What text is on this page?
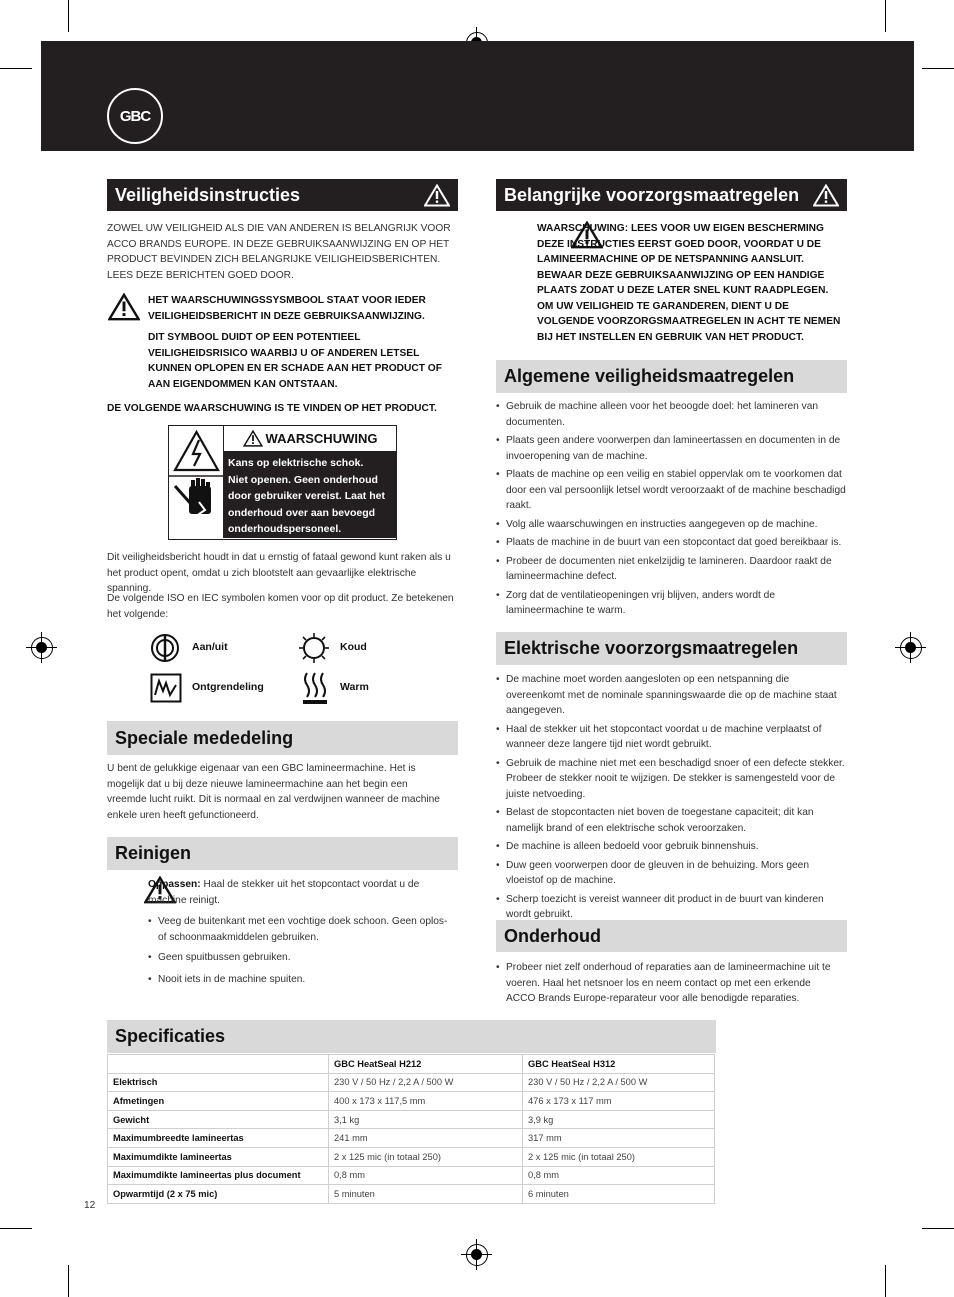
GBC
Veiligheidsinstructies
ZOWEL UW VEILIGHEID ALS DIE VAN ANDEREN IS BELANGRIJK VOOR ACCO BRANDS EUROPE. IN DEZE GEBRUIKSAANWIJZING EN OP HET PRODUCT BEVINDEN ZICH BELANGRIJKE VEILIGHEIDSBERICHTEN. LEES DEZE BERICHTEN GOED DOOR.

HET WAARSCHUWINGSSYSMBOOL STAAT VOOR IEDER VEILIGHEIDSBERICHT IN DEZE GEBRUIKSAANWIJZING.
DIT SYMBOOL DUIDT OP EEN POTENTIEEL VEILIGHEIDSRISICO WAARBIJ U OF ANDEREN LETSEL KUNNEN OPLOPEN EN ER SCHADE AAN HET PRODUCT OF AAN EIGENDOMMEN KAN ONTSTAAN.
DE VOLGENDE WAARSCHUWING IS TE VINDEN OP HET PRODUCT.
WAARSCHUWING
Kans op elektrische schok.
Niet openen. Geen onderhoud
door gebruiker vereist. Laat het
onderhoud over aan bevoegd
onderhoudspersoneel.
Dit veiligheidsbericht houdt in dat u ernstig of fataal gewond kunt raken als u het product opent, omdat u zich blootstelt aan gevaarlijke elektrische spanning.
De volgende ISO en IEC symbolen komen voor op dit product. Ze betekenen het volgende:
Aan/uit	Koud
Ontgrendeling	Warm
Speciale mededeling
U bent de gelukkige eigenaar van een GBC lamineermachine. Het is mogelijk dat u bij deze nieuwe lamineermachine aan het begin een vreemde lucht ruikt. Dit is normaal en zal verdwijnen wanneer de machine enkele uren heeft gefunctioneerd.
Reinigen

Oppassen: Haal de stekker uit het stopcontact voordat u de machine reinigt.
• Veeg de buitenkant met een vochtige doek schoon. Geen oplos- of schoonmaakmiddelen gebruiken.
• Geen spuitbussen gebruiken.
• Nooit iets in de machine spuiten.
Belangrijke voorzorgsmaatregelen
WAARSCHUWING: LEES VOOR UW EIGEN BESCHERMING DEZE INSTRUCTIES EERST GOED DOOR, VOORDAT U DE LAMINEERMACHINE OP DE NETSPANNING AANSLUIT. BEWAAR DEZE GEBRUIKSAANWIJZING OP EEN HANDIGE PLAATS ZODAT U DEZE LATER SNEL KUNT RAADPLEGEN. OM UW VEILIGHEID TE GARANDEREN, DIENT U DE VOLGENDE VOORZORGSMAATREGELEN IN ACHT TE NEMEN BIJ HET INSTELLEN EN GEBRUIK VAN HET PRODUCT.
Algemene veiligheidsmaatregelen
• Gebruik de machine alleen voor het beoogde doel: het lamineren van documenten.
• Plaats geen andere voorwerpen dan lamineertassen en documenten in de invoeropening van de machine.
• Plaats de machine op een veilig en stabiel oppervlak om te voorkomen dat door een val persoonlijk letsel wordt veroorzaakt of de machine beschadigd raakt.
• Volg alle waarschuwingen en instructies aangegeven op de machine.
• Plaats de machine in de buurt van een stopcontact dat goed bereikbaar is.
• Probeer de documenten niet enkelzijdig te lamineren. Daardoor raakt de lamineermachine defect.
• Zorg dat de ventilatieopeningen vrij blijven, anders wordt de lamineermachine te warm.
Elektrische voorzorgsmaatregelen
• De machine moet worden aangesloten op een netspanning die overeenkomt met de nominale spanningswaarde die op de machine staat aangegeven.
• Haal de stekker uit het stopcontact voordat u de machine verplaatst of wanneer deze langere tijd niet wordt gebruikt.
• Gebruik de machine niet met een beschadigd snoer of een defecte stekker. Probeer de stekker nooit te wijzigen. De stekker is samengesteld voor de juiste netvoeding.
• Belast de stopcontacten niet boven de toegestane capaciteit; dit kan namelijk brand of een elektrische schok veroorzaken.
• De machine is alleen bedoeld voor gebruik binnenshuis.
• Duw geen voorwerpen door de gleuven in de behuizing. Mors geen vloeistof op de machine.
• Scherp toezicht is vereist wanneer dit product in de buurt van kinderen wordt gebruikt.
Onderhoud
• Probeer niet zelf onderhoud of reparaties aan de lamineermachine uit te voeren. Haal het netsnoer los en neem contact op met een erkende ACCO Brands Europe-reparateur voor alle benodigde reparaties.
Specificaties
	GBC HeatSeal H212	GBC HeatSeal H312
Elektrisch	230 V / 50 Hz / 2,2 A / 500 W	230 V / 50 Hz / 2,2 A / 500 W
Afmetingen	400 x 173 x 117,5 mm	476 x 173 x 117 mm
Gewicht	3,1 kg	3,9 kg
Maximumbreedte lamineertas	241 mm	317 mm
Maximumdikte lamineertas	2 x 125 mic (in totaal 250)	2 x 125 mic (in totaal 250)
Maximumdikte lamineertas plus document	0,8 mm	0,8 mm
Opwarmtijd (2 x 75 mic)	5 minuten	6 minuten
12
